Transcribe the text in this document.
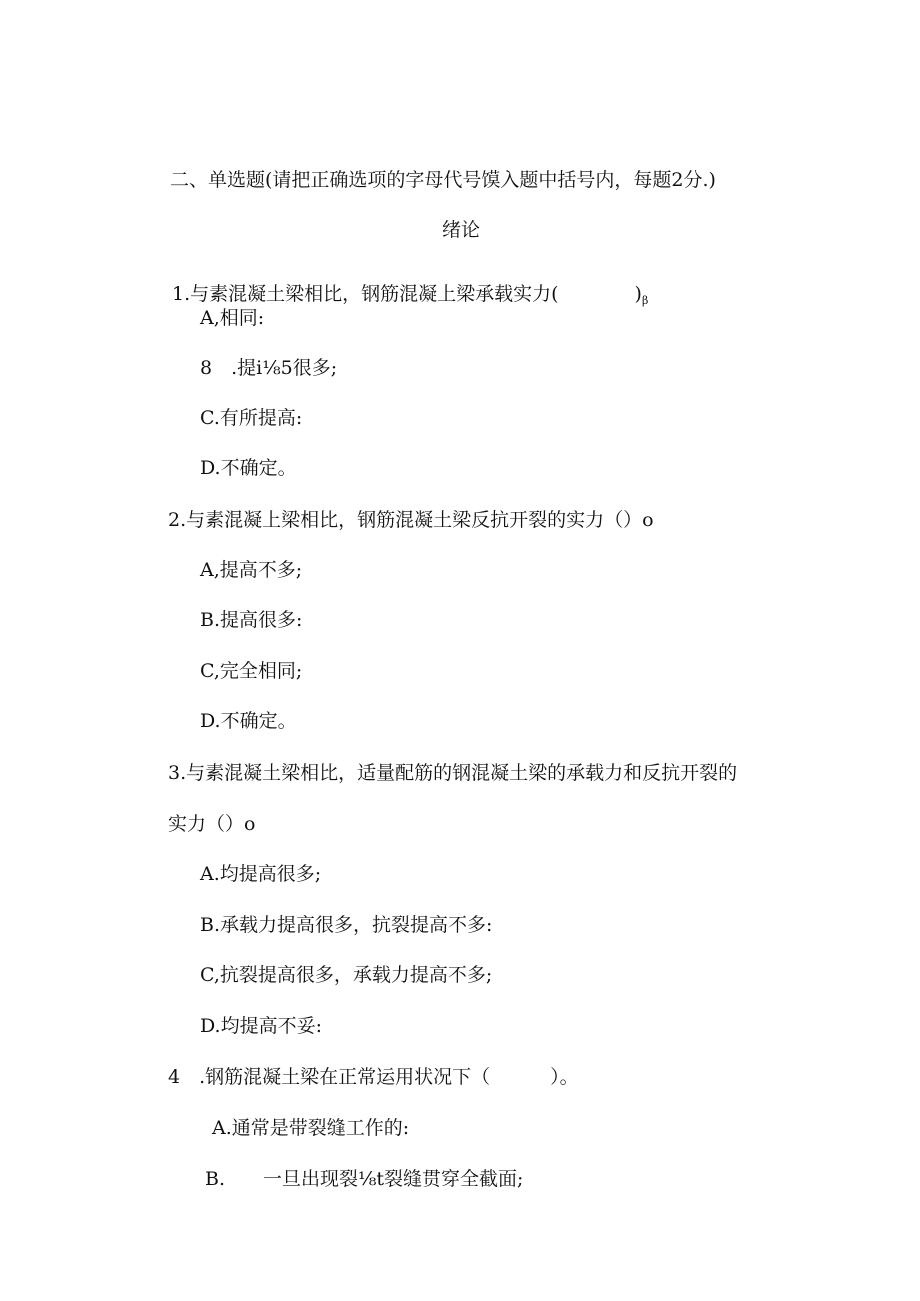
二、单选题(请把正确选项的字母代号馍入题中括号内，每题2分.)
绪论
1.与素混凝土梁相比，钢筋混凝上梁承载实力(	)$_\beta$
A,相同:
8　.提i⅛5很多;
C.有所提高:
D.不确定。
2.与素混凝上梁相比，钢筋混凝土梁反抗开裂的实力（）o
A,提高不多;
B.提高很多:
C,完全相同;
D.不确定。
3.与素混凝土梁相比，适量配筋的钢混凝土梁的承载力和反抗开裂的
实力（）o
A.均提高很多;
B.承载力提高很多，抗裂提高不多:
C,抗裂提高很多，承载力提高不多;
D.均提高不妥:
4　.钢筋混凝土梁在正常运用状况下（	）。
A.通常是带裂缝工作的:
B.　　一旦出现裂⅛t裂缝贯穿全截面;
